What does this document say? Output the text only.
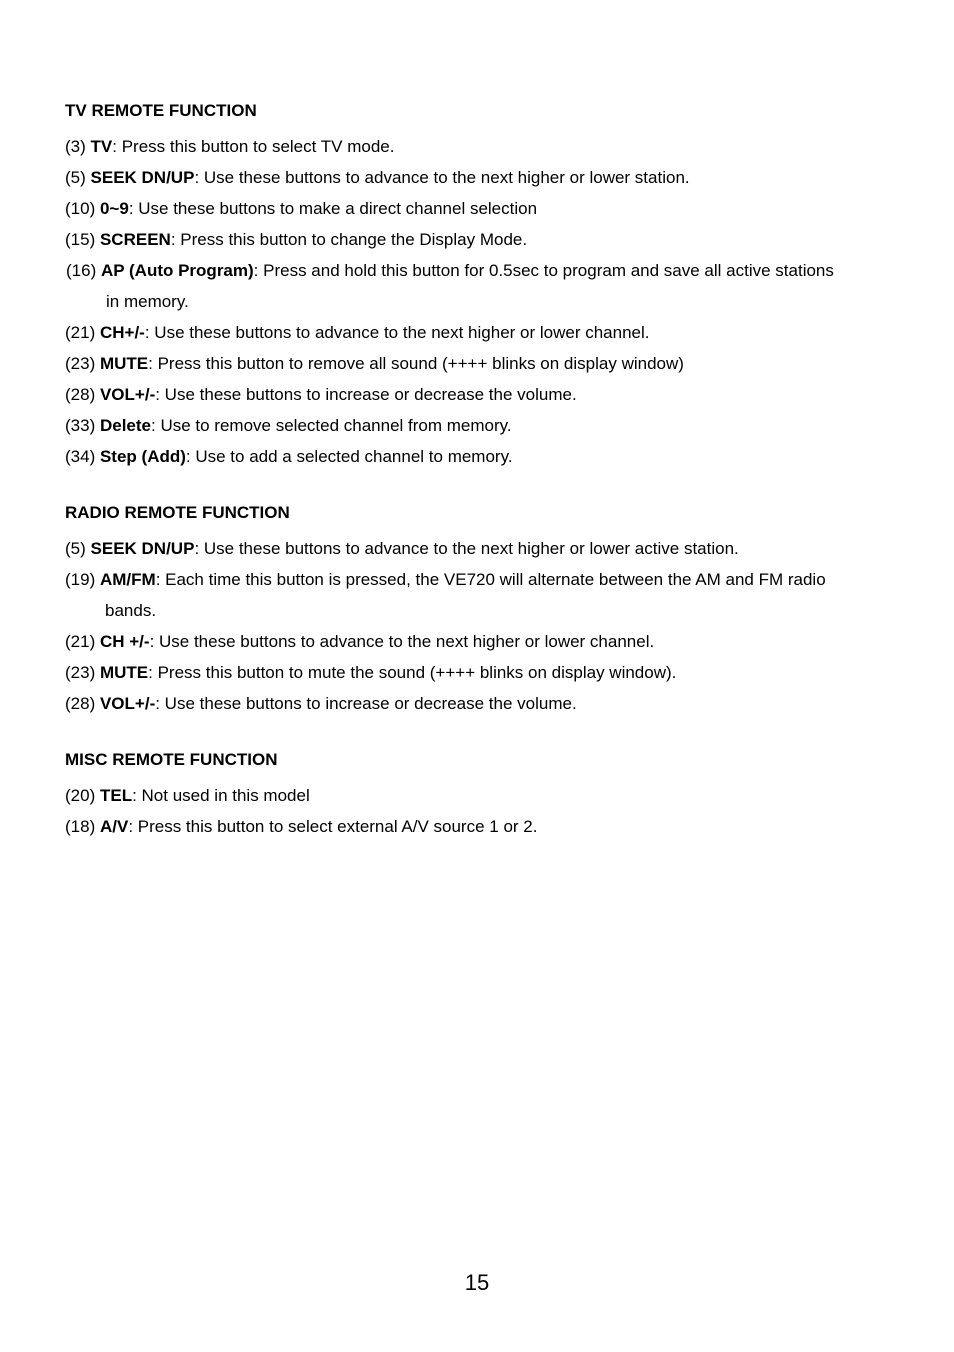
TV REMOTE FUNCTION
(3) TV: Press this button to select TV mode.
(5) SEEK DN/UP: Use these buttons to advance to the next higher or lower station.
(10) 0~9: Use these buttons to make a direct channel selection
(15) SCREEN: Press this button to change the Display Mode.
(16) AP (Auto Program): Press and hold this button for 0.5sec to program and save all active stations
in memory.
(21) CH+/-: Use these buttons to advance to the next higher or lower channel.
(23) MUTE: Press this button to remove all sound (++++ blinks on display window)
(28) VOL+/-: Use these buttons to increase or decrease the volume.
(33) Delete: Use to remove selected channel from memory.
(34) Step (Add): Use to add a selected channel to memory.
RADIO REMOTE FUNCTION
(5) SEEK DN/UP: Use these buttons to advance to the next higher or lower active station.
(19) AM/FM: Each time this button is pressed, the VE720 will alternate between the AM and FM radio
bands.
(21) CH +/-: Use these buttons to advance to the next higher or lower channel.
(23) MUTE: Press this button to mute the sound (++++ blinks on display window).
(28) VOL+/-: Use these buttons to increase or decrease the volume.
MISC REMOTE FUNCTION
(20) TEL: Not used in this model
(18) A/V: Press this button to select external A/V source 1 or 2.
15
